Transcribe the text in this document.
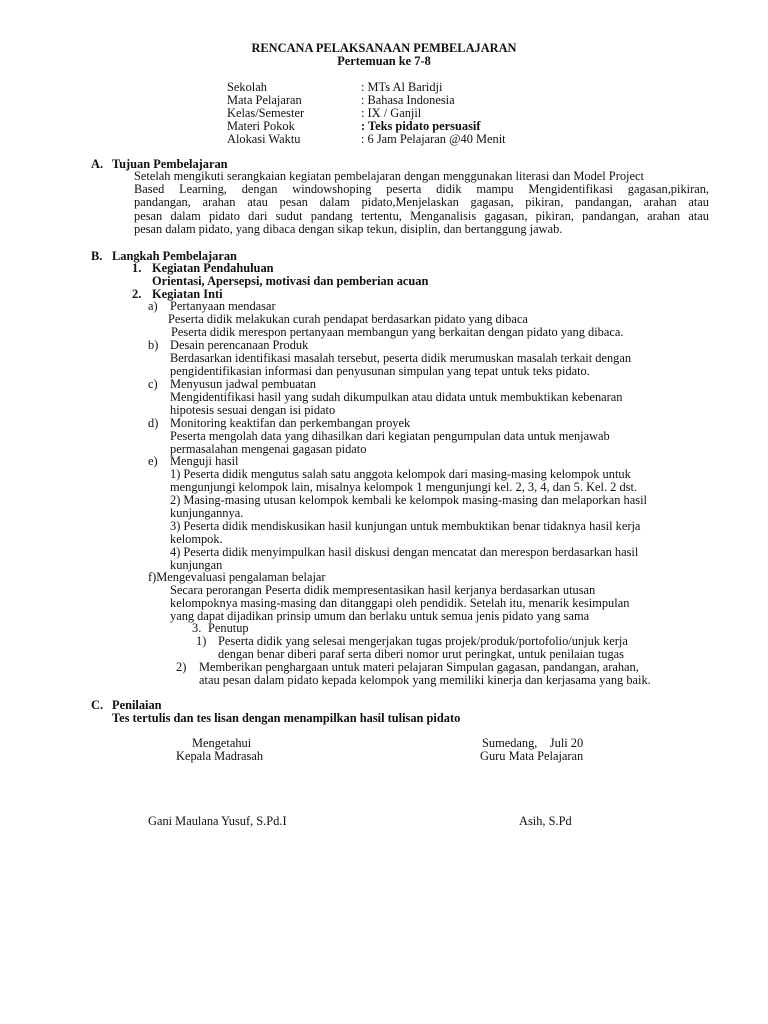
RENCANA PELAKSANAAN PEMBELAJARAN
Pertemuan ke 7-8
Sekolah	: MTs Al Baridji
Mata Pelajaran	: Bahasa Indonesia
Kelas/Semester	: IX / Ganjil
Materi Pokok	: Teks pidato persuasif
Alokasi Waktu	: 6 Jam Pelajaran @40 Menit
A. Tujuan Pembelajaran
Setelah mengikuti serangkaian kegiatan pembelajaran dengan menggunakan literasi dan Model Project
Based Learning, dengan windowshoping peserta didik mampu Mengidentifikasi gagasan,pikiran,
pandangan, arahan atau pesan dalam pidato,Menjelaskan gagasan, pikiran, pandangan, arahan atau
pesan dalam pidato dari sudut pandang tertentu, Menganalisis gagasan, pikiran, pandangan, arahan atau
pesan dalam pidato, yang dibaca dengan sikap tekun, disiplin, dan bertanggung jawab.
B. Langkah Pembelajaran
1. Kegiatan Pendahuluan
Orientasi, Apersepsi, motivasi dan pemberian acuan
2. Kegiatan Inti
a) Pertanyaan mendasar
Peserta didik melakukan curah pendapat berdasarkan pidato yang dibaca
Peserta didik merespon pertanyaan membangun yang berkaitan dengan pidato yang dibaca.
b) Desain perencanaan Produk
Berdasarkan identifikasi masalah tersebut, peserta didik merumuskan masalah terkait dengan
pengidentifikasian informasi dan penyusunan simpulan yang tepat untuk teks pidato.
c) Menyusun jadwal pembuatan
Mengidentifikasi hasil yang sudah dikumpulkan atau didata untuk membuktikan kebenaran
hipotesis sesuai dengan isi pidato
d) Monitoring keaktifan dan perkembangan proyek
Peserta mengolah data yang dihasilkan dari kegiatan pengumpulan data untuk menjawab
permasalahan mengenai gagasan pidato
e) Menguji hasil
1) Peserta didik mengutus salah satu anggota kelompok dari masing-masing kelompok untuk
mengunjungi kelompok lain, misalnya kelompok 1 mengunjungi kel. 2, 3, 4, dan 5. Kel. 2 dst.
2) Masing-masing utusan kelompok kembali ke kelompok masing-masing dan melaporkan hasil
kunjungannya.
3) Peserta didik mendiskusikan hasil kunjungan untuk membuktikan benar tidaknya hasil kerja
kelompok.
4) Peserta didik menyimpulkan hasil diskusi dengan mencatat dan merespon berdasarkan hasil
kunjungan
f)Mengevaluasi pengalaman belajar
Secara perorangan Peserta didik mempresentasikan hasil kerjanya berdasarkan utusan
kelompoknya masing-masing dan ditanggapi oleh pendidik. Setelah itu, menarik kesimpulan
yang dapat dijadikan prinsip umum dan berlaku untuk semua jenis pidato yang sama
3. Penutup
1) Peserta didik yang selesai mengerjakan tugas projek/produk/portofolio/unjuk kerja
dengan benar diberi paraf serta diberi nomor urut peringkat, untuk penilaian tugas
2) Memberikan penghargaan untuk materi pelajaran Simpulan gagasan, pandangan, arahan,
atau pesan dalam pidato kepada kelompok yang memiliki kinerja dan kerjasama yang baik.
C. Penilaian
Tes tertulis dan tes lisan dengan menampilkan hasil tulisan pidato
Mengetahui
Kepala Madrasah
Sumedang,    Juli 20
Guru Mata Pelajaran
Gani Maulana Yusuf, S.Pd.I	Asih, S.Pd
